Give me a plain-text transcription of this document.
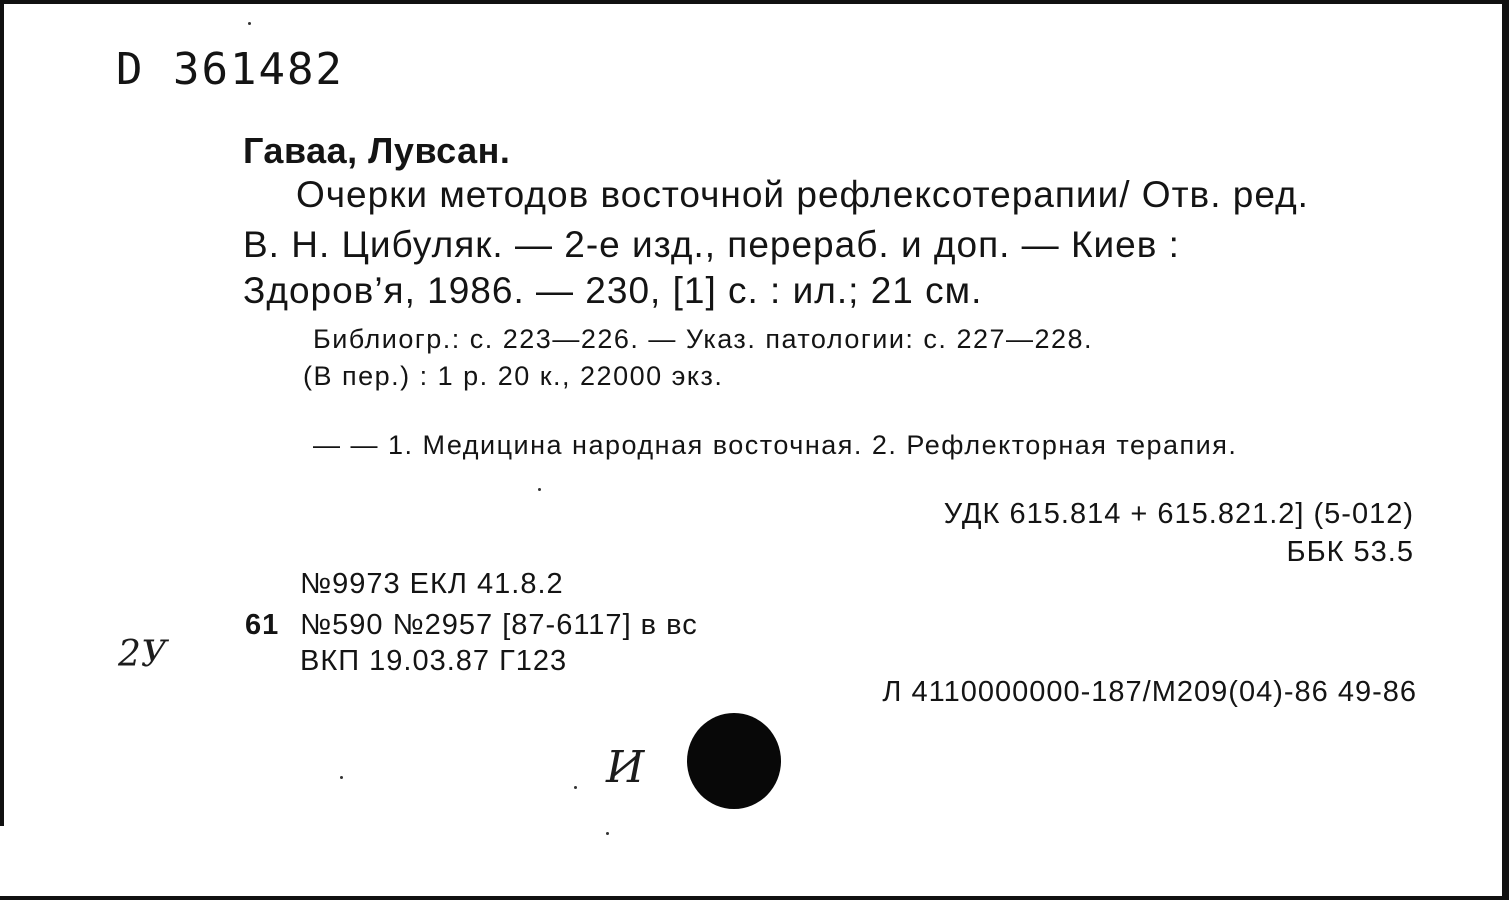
D 361482
Гаваа, Лувсан.
Очерки методов восточной рефлексотерапии/ Отв. ред.
В. Н. Цибуляк. — 2-е изд., перераб. и доп. — Киев :
Здоров’я, 1986. — 230, [1] с. : ил.; 21 см.
Библиогр.: с. 223—226. — Указ. патологии: с. 227—228.
(В пер.) : 1 р. 20 к., 22000 экз.
— — 1. Медицина народная восточная. 2. Рефлекторная терапия.
УДК 615.814 + 615.821.2] (5-012)
ББК 53.5
№9973 ЕКЛ 41.8.2
61 №590 №2957 [87-6117] в вс
ВКП 19.03.87 Г123
Л 4110000000-187/М209(04)-86 49-86
2У
И
